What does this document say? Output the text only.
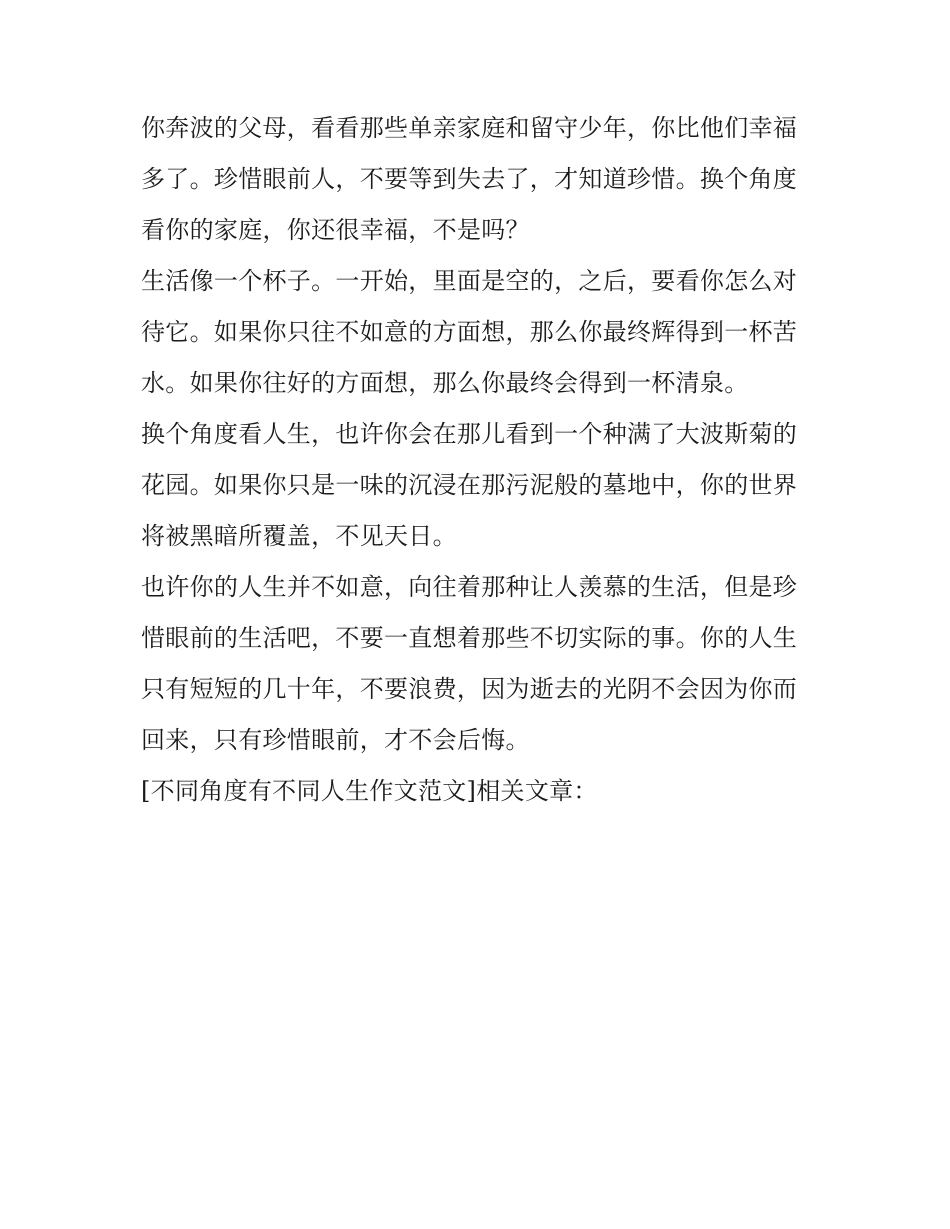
你奔波的父母，看看那些单亲家庭和留守少年，你比他们幸福多了。珍惜眼前人，不要等到失去了，才知道珍惜。换个角度看你的家庭，你还很幸福，不是吗？

生活像一个杯子。一开始，里面是空的，之后，要看你怎么对待它。如果你只往不如意的方面想，那么你最终辉得到一杯苦水。如果你往好的方面想，那么你最终会得到一杯清泉。

换个角度看人生，也许你会在那儿看到一个种满了大波斯菊的花园。如果你只是一味的沉浸在那污泥般的墓地中，你的世界将被黑暗所覆盖，不见天日。

也许你的人生并不如意，向往着那种让人羡慕的生活，但是珍惜眼前的生活吧，不要一直想着那些不切实际的事。你的人生只有短短的几十年，不要浪费，因为逝去的光阴不会因为你而回来，只有珍惜眼前，才不会后悔。

[不同角度有不同人生作文范文]相关文章：
